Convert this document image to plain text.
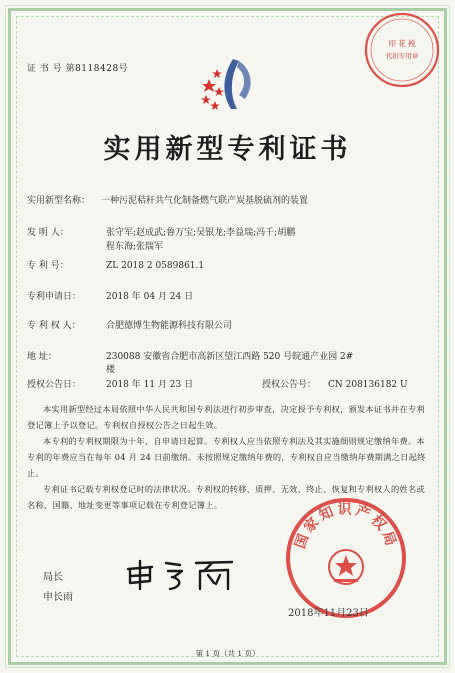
印 花 税
代扣专用章
证 书 号 第8118428号
实用新型专利证书
实用新型名称： 一种污泥秸秆共气化制备燃气联产炭基脱硫剂的装置
发 明 人：	张守军;赵成武;鲁万宝;吴银龙;李益瑞;冯千;胡鹏
程东海;张瑞军
专 利 号：	ZL 2018 2 0589861.1
专利申请日：	2018 年 04 月 24 日
专 利 权 人：	合肥德博生物能源科技有限公司
地 址：	230088 安徽省合肥市高新区望江西路 520 号皖通产业园 2#
楼
授权公告日：	2018 年 11 月 23 日	授权公告号： CN 208136182 U
本实用新型经过本局依照中华人民共和国专利法进行初步审查，决定授予专利权，颁发本证书并在专利登记簿上予以登记。专利权自授权公告之日起生效。
本专利的专利权期限为十年，自申请日起算。专利权人应当依照专利法及其实施细则规定缴纳年费。本专利的年费应当在每年 04 月 24 日前缴纳。未按照规定缴纳年费的，专利权自应当缴纳年费期满之日起终止。
专利证书记载专利权登记时的法律状况。专利权的转移、质押、无效、终止、恢复和专利权人的姓名或名称、国籍、地址变更等事项记载在专利登记簿上。
局长
申长雨
国家知识产权局
2018年11月23日
第 1 页（共 1 页）
